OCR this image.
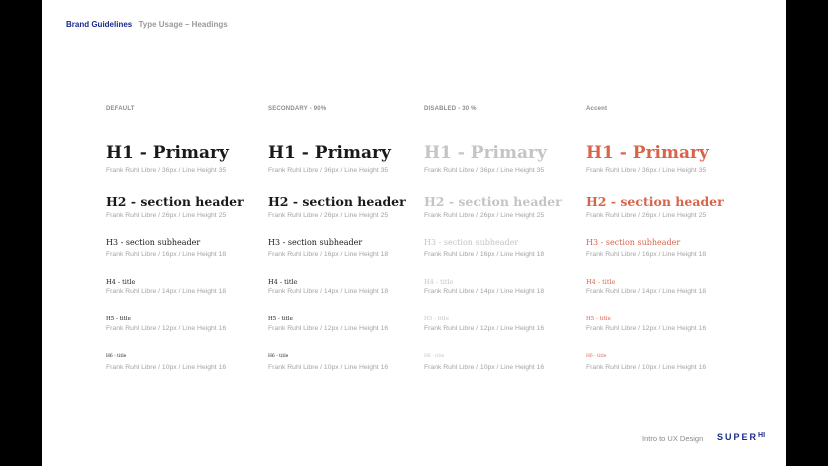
Brand Guidelines Type Usage – Headings
DEFAULT
H1 - Primary
Frank Ruhl Libre / 36px / Line Height 35
H2 - section header
Frank Ruhl Libre / 26px / Line Height 25
H3 - section subheader
Frank Ruhl Libre / 16px / Line Height 18
H4 - title
Frank Ruhl Libre / 14px / Line Height 18
H5 - title
Frank Ruhl Libre / 12px / Line Height 16
H6 - title
Frank Ruhl Libre / 10px / Line Height 16
SECONDARY - 90%
H1 - Primary
Frank Ruhl Libre / 36px / Line Height 35
H2 - section header
Frank Ruhl Libre / 26px / Line Height 25
H3 - section subheader
Frank Ruhl Libre / 16px / Line Height 18
H4 - title
Frank Ruhl Libre / 14px / Line Height 18
H5 - title
Frank Ruhl Libre / 12px / Line Height 16
H6 - title
Frank Ruhl Libre / 10px / Line Height 16
DISABLED - 30 %
H1 - Primary
Frank Ruhl Libre / 36px / Line Height 35
H2 - section header
Frank Ruhl Libre / 26px / Line Height 25
H3 - section subheader
Frank Ruhl Libre / 16px / Line Height 18
H4 - title
Frank Ruhl Libre / 14px / Line Height 18
H5 - title
Frank Ruhl Libre / 12px / Line Height 16
H6 - title
Frank Ruhl Libre / 10px / Line Height 16
Accent
H1 - Primary
Frank Ruhl Libre / 36px / Line Height 35
H2 - section header
Frank Ruhl Libre / 26px / Line Height 25
H3 - section subheader
Frank Ruhl Libre / 16px / Line Height 18
H4 - title
Frank Ruhl Libre / 14px / Line Height 18
H5 - title
Frank Ruhl Libre / 12px / Line Height 16
H6 - title
Frank Ruhl Libre / 10px / Line Height 16
Intro to UX Design $SUPER^{HI}$
